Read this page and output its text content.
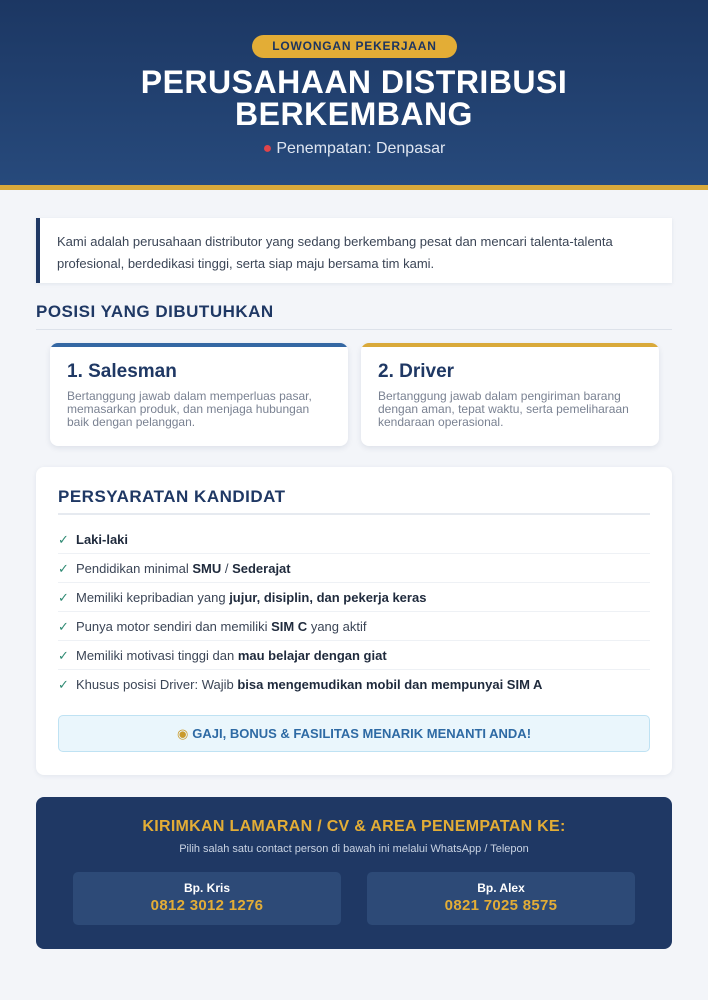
LOWONGAN PEKERJAAN
PERUSAHAAN DISTRIBUSI
BERKEMBANG
● Penempatan: Denpasar
Kami adalah perusahaan distributor yang sedang berkembang pesat dan mencari talenta-talenta profesional, berdedikasi tinggi, serta siap maju bersama tim kami.
POSISI YANG DIBUTUHKAN
1. Salesman
Bertanggung jawab dalam memperluas pasar, memasarkan produk, dan menjaga hubungan baik dengan pelanggan.
2. Driver
Bertanggung jawab dalam pengiriman barang dengan aman, tepat waktu, serta pemeliharaan kendaraan operasional.
PERSYARATAN KANDIDAT
✓ Laki-laki
✓ Pendidikan minimal SMU / Sederajat
✓ Memiliki kepribadian yang jujur, disiplin, dan pekerja keras
✓ Punya motor sendiri dan memiliki SIM C yang aktif
✓ Memiliki motivasi tinggi dan mau belajar dengan giat
✓ Khusus posisi Driver: Wajib bisa mengemudikan mobil dan mempunyai SIM A
◉ GAJI, BONUS & FASILITAS MENARIK MENANTI ANDA!
KIRIMKAN LAMARAN / CV & AREA PENEMPATAN KE:
Pilih salah satu contact person di bawah ini melalui WhatsApp / Telepon
Bp. Kris
0812 3012 1276
Bp. Alex
0821 7025 8575
